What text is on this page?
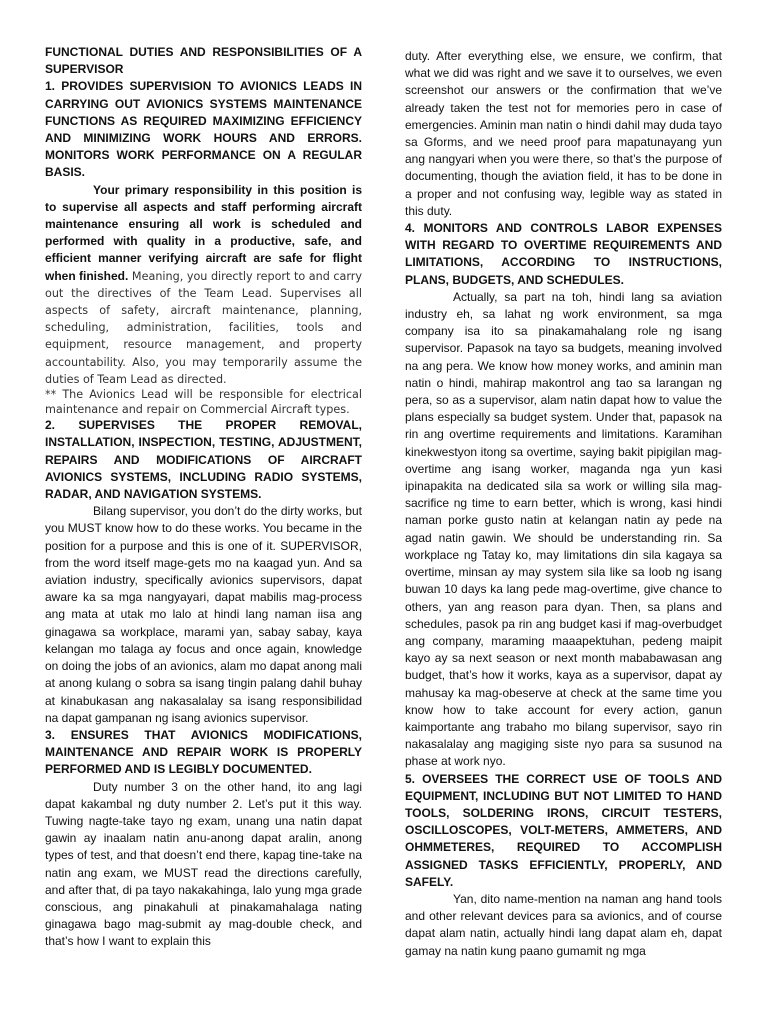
FUNCTIONAL DUTIES AND RESPONSIBILITIES OF A SUPERVISOR

1. PROVIDES SUPERVISION TO AVIONICS LEADS IN CARRYING OUT AVIONICS SYSTEMS MAINTENANCE FUNCTIONS AS REQUIRED MAXIMIZING EFFICIENCY AND MINIMIZING WORK HOURS AND ERRORS. MONITORS WORK PERFORMANCE ON A REGULAR BASIS.

Your primary responsibility in this position is to supervise all aspects and staff performing aircraft maintenance ensuring all work is scheduled and performed with quality in a productive, safe, and efficient manner verifying aircraft are safe for flight when finished. Meaning, you directly report to and carry out the directives of the Team Lead. Supervises all aspects of safety, aircraft maintenance, planning, scheduling, administration, facilities, tools and equipment, resource management, and property accountability. Also, you may temporarily assume the duties of Team Lead as directed.

** The Avionics Lead will be responsible for electrical maintenance and repair on Commercial Aircraft types.

2. SUPERVISES THE PROPER REMOVAL, INSTALLATION, INSPECTION, TESTING, ADJUSTMENT, REPAIRS AND MODIFICATIONS OF AIRCRAFT AVIONICS SYSTEMS, INCLUDING RADIO SYSTEMS, RADAR, AND NAVIGATION SYSTEMS.

Bilang supervisor, you don’t do the dirty works, but you MUST know how to do these works. You became in the position for a purpose and this is one of it. SUPERVISOR, from the word itself mage-gets mo na kaagad yun. And sa aviation industry, specifically avionics supervisors, dapat aware ka sa mga nangyayari, dapat mabilis mag-process ang mata at utak mo lalo at hindi lang naman iisa ang ginagawa sa workplace, marami yan, sabay sabay, kaya kelangan mo talaga ay focus and once again, knowledge on doing the jobs of an avionics, alam mo dapat anong mali at anong kulang o sobra sa isang tingin palang dahil buhay at kinabukasan ang nakasalalay sa isang responsibilidad na dapat gampanan ng isang avionics supervisor.

3. ENSURES THAT AVIONICS MODIFICATIONS, MAINTENANCE AND REPAIR WORK IS PROPERLY PERFORMED AND IS LEGIBLY DOCUMENTED.

Duty number 3 on the other hand, ito ang lagi dapat kakambal ng duty number 2. Let’s put it this way. Tuwing nagte-take tayo ng exam, unang una natin dapat gawin ay inaalam natin anu-anong dapat aralin, anong types of test, and that doesn’t end there, kapag tine-take na natin ang exam, we MUST read the directions carefully, and after that, di pa tayo nakakahinga, lalo yung mga grade conscious, ang pinakahuli at pinakamahalaga nating ginagawa bago mag-submit ay mag-double check, and that’s how I want to explain this

duty. After everything else, we ensure, we confirm, that what we did was right and we save it to ourselves, we even screenshot our answers or the confirmation that we’ve already taken the test not for memories pero in case of emergencies. Aminin man natin o hindi dahil may duda tayo sa Gforms, and we need proof para mapatunayang yun ang nangyari when you were there, so that’s the purpose of documenting, though the aviation field, it has to be done in a proper and not confusing way, legible way as stated in this duty.

4. MONITORS AND CONTROLS LABOR EXPENSES WITH REGARD TO OVERTIME REQUIREMENTS AND LIMITATIONS, ACCORDING TO INSTRUCTIONS, PLANS, BUDGETS, AND SCHEDULES.

Actually, sa part na toh, hindi lang sa aviation industry eh, sa lahat ng work environment, sa mga company isa ito sa pinakamahalang role ng isang supervisor. Papasok na tayo sa budgets, meaning involved na ang pera. We know how money works, and aminin man natin o hindi, mahirap makontrol ang tao sa larangan ng pera, so as a supervisor, alam natin dapat how to value the plans especially sa budget system. Under that, papasok na rin ang overtime requirements and limitations. Karamihan kinekwestyon itong sa overtime, saying bakit pipigilan mag-overtime ang isang worker, maganda nga yun kasi ipinapakita na dedicated sila sa work or willing sila mag-sacrifice ng time to earn better, which is wrong, kasi hindi naman porke gusto natin at kelangan natin ay pede na agad natin gawin. We should be understanding rin. Sa workplace ng Tatay ko, may limitations din sila kagaya sa overtime, minsan ay may system sila like sa loob ng isang buwan 10 days ka lang pede mag-overtime, give chance to others, yan ang reason para dyan. Then, sa plans and schedules, pasok pa rin ang budget kasi if mag-overbudget ang company, maraming maaapektuhan, pedeng maipit kayo ay sa next season or next month mababawasan ang budget, that’s how it works, kaya as a supervisor, dapat ay mahusay ka mag-obeserve at check at the same time you know how to take account for every action, ganun kaimportante ang trabaho mo bilang supervisor, sayo rin nakasalalay ang magiging siste nyo para sa susunod na phase at work nyo.

5. OVERSEES THE CORRECT USE OF TOOLS AND EQUIPMENT, INCLUDING BUT NOT LIMITED TO HAND TOOLS, SOLDERING IRONS, CIRCUIT TESTERS, OSCILLOSCOPES, VOLT-METERS, AMMETERS, AND OHMMETERES, REQUIRED TO ACCOMPLISH ASSIGNED TASKS EFFICIENTLY, PROPERLY, AND SAFELY.

Yan, dito name-mention na naman ang hand tools and other relevant devices para sa avionics, and of course dapat alam natin, actually hindi lang dapat alam eh, dapat gamay na natin kung paano gumamit ng mga
